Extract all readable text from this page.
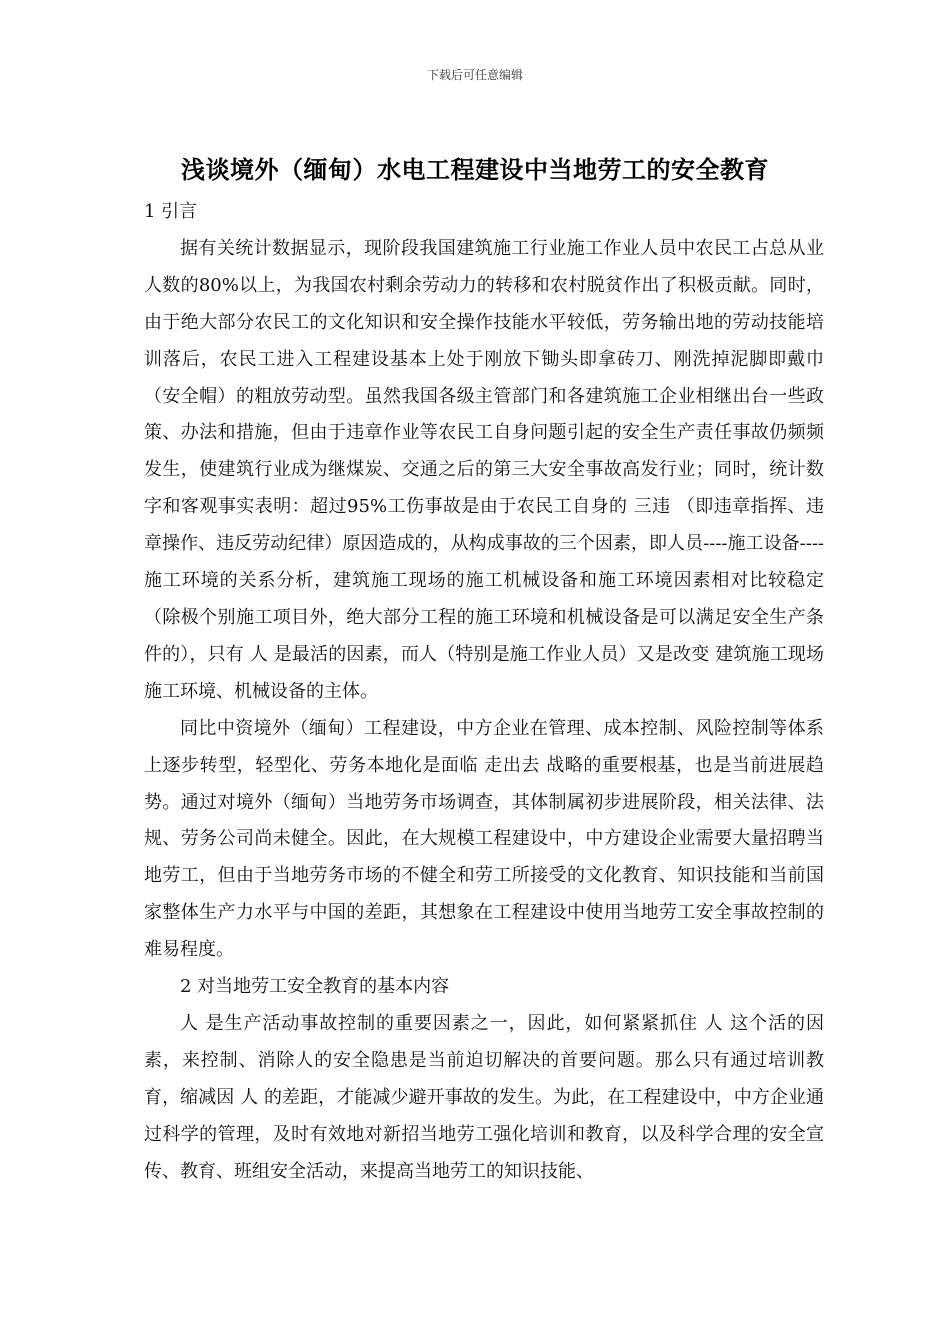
下载后可任意编辑
浅谈境外（缅甸）水电工程建设中当地劳工的安全教育

1 引言

据有关统计数据显示，现阶段我国建筑施工行业施工作业人员中农民工占总从业人数的80%以上，为我国农村剩余劳动力的转移和农村脱贫作出了积极贡献。同时，由于绝大部分农民工的文化知识和安全操作技能水平较低，劳务输出地的劳动技能培训落后，农民工进入工程建设基本上处于刚放下锄头即拿砖刀、刚洗掉泥脚即戴巾（安全帽）的粗放劳动型。虽然我国各级主管部门和各建筑施工企业相继出台一些政策、办法和措施，但由于违章作业等农民工自身问题引起的安全生产责任事故仍频频发生，使建筑行业成为继煤炭、交通之后的第三大安全事故高发行业；同时，统计数字和客观事实表明：超过95%工伤事故是由于农民工自身的 三违 （即违章指挥、违章操作、违反劳动纪律）原因造成的，从构成事故的三个因素，即人员----施工设备----施工环境的关系分析，建筑施工现场的施工机械设备和施工环境因素相对比较稳定（除极个别施工项目外，绝大部分工程的施工环境和机械设备是可以满足安全生产条件的），只有 人 是最活的因素，而人（特别是施工作业人员）又是改变 建筑施工现场施工环境、机械设备的主体。

同比中资境外（缅甸）工程建设，中方企业在管理、成本控制、风险控制等体系上逐步转型，轻型化、劳务本地化是面临 走出去 战略的重要根基，也是当前进展趋势。通过对境外（缅甸）当地劳务市场调查，其体制属初步进展阶段，相关法律、法规、劳务公司尚未健全。因此，在大规模工程建设中，中方建设企业需要大量招聘当地劳工，但由于当地劳务市场的不健全和劳工所接受的文化教育、知识技能和当前国家整体生产力水平与中国的差距，其想象在工程建设中使用当地劳工安全事故控制的难易程度。

2 对当地劳工安全教育的基本内容

人 是生产活动事故控制的重要因素之一，因此，如何紧紧抓住 人 这个活的因素，来控制、消除人的安全隐患是当前迫切解决的首要问题。那么只有通过培训教育，缩减因 人 的差距，才能减少避开事故的发生。为此，在工程建设中，中方企业通过科学的管理，及时有效地对新招当地劳工强化培训和教育，以及科学合理的安全宣传、教育、班组安全活动，来提高当地劳工的知识技能、
